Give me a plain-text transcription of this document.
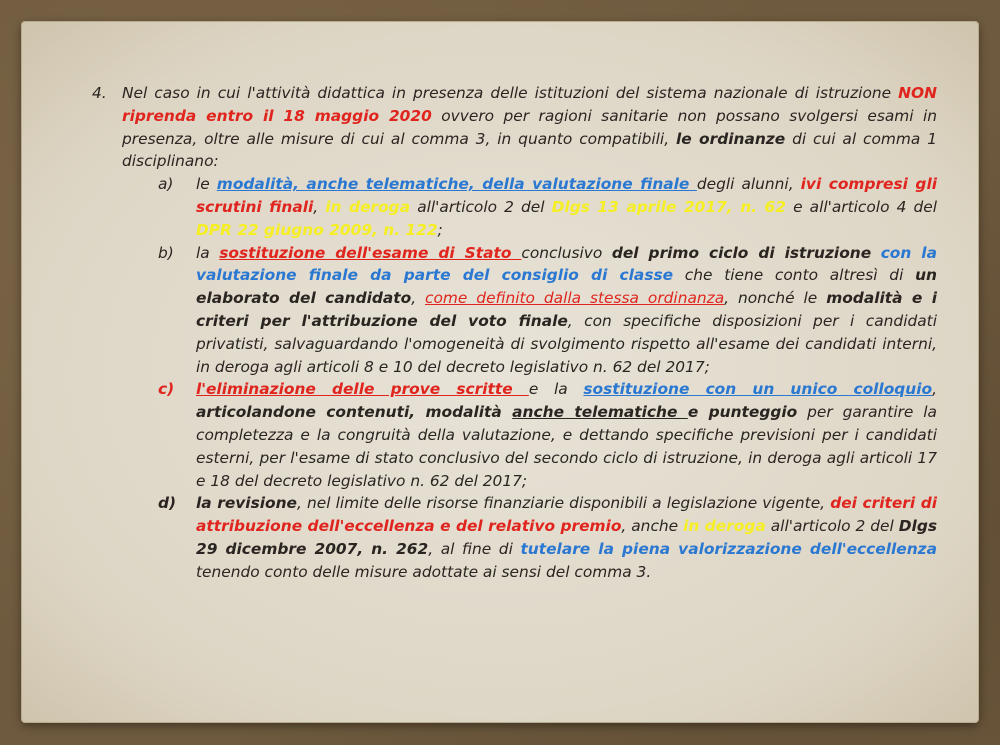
4. Nel caso in cui l'attività didattica in presenza delle istituzioni del sistema nazionale di istruzione NON riprenda entro il 18 maggio 2020 ovvero per ragioni sanitarie non possano svolgersi esami in presenza, oltre alle misure di cui al comma 3, in quanto compatibili, le ordinanze di cui al comma 1 disciplinano:
a)	le modalità, anche telematiche, della valutazione finale degli alunni, ivi compresi gli scrutini finali, in deroga all'articolo 2 del Dlgs 13 aprile 2017, n. 62 e all'articolo 4 del DPR 22 giugno 2009, n. 122;
b)	la sostituzione dell'esame di Stato conclusivo del primo ciclo di istruzione con la valutazione finale da parte del consiglio di classe che tiene conto altresì di un elaborato del candidato, come definito dalla stessa ordinanza, nonché le modalità e i criteri per l'attribuzione del voto finale, con specifiche disposizioni per i candidati privatisti, salvaguardando l'omogeneità di svolgimento rispetto all'esame dei candidati interni, in deroga agli articoli 8 e 10 del decreto legislativo n. 62 del 2017;
c)	l'eliminazione delle prove scritte e la sostituzione con un unico colloquio, articolandone contenuti, modalità anche telematiche e punteggio per garantire la completezza e la congruità della valutazione, e dettando specifiche previsioni per i candidati esterni, per l'esame di stato conclusivo del secondo ciclo di istruzione, in deroga agli articoli 17 e 18 del decreto legislativo n. 62 del 2017;
d)	la revisione, nel limite delle risorse finanziarie disponibili a legislazione vigente, dei criteri di attribuzione dell'eccellenza e del relativo premio, anche in deroga all'articolo 2 del Dlgs 29 dicembre 2007, n. 262, al fine di tutelare la piena valorizzazione dell'eccellenza tenendo conto delle misure adottate ai sensi del comma 3.
